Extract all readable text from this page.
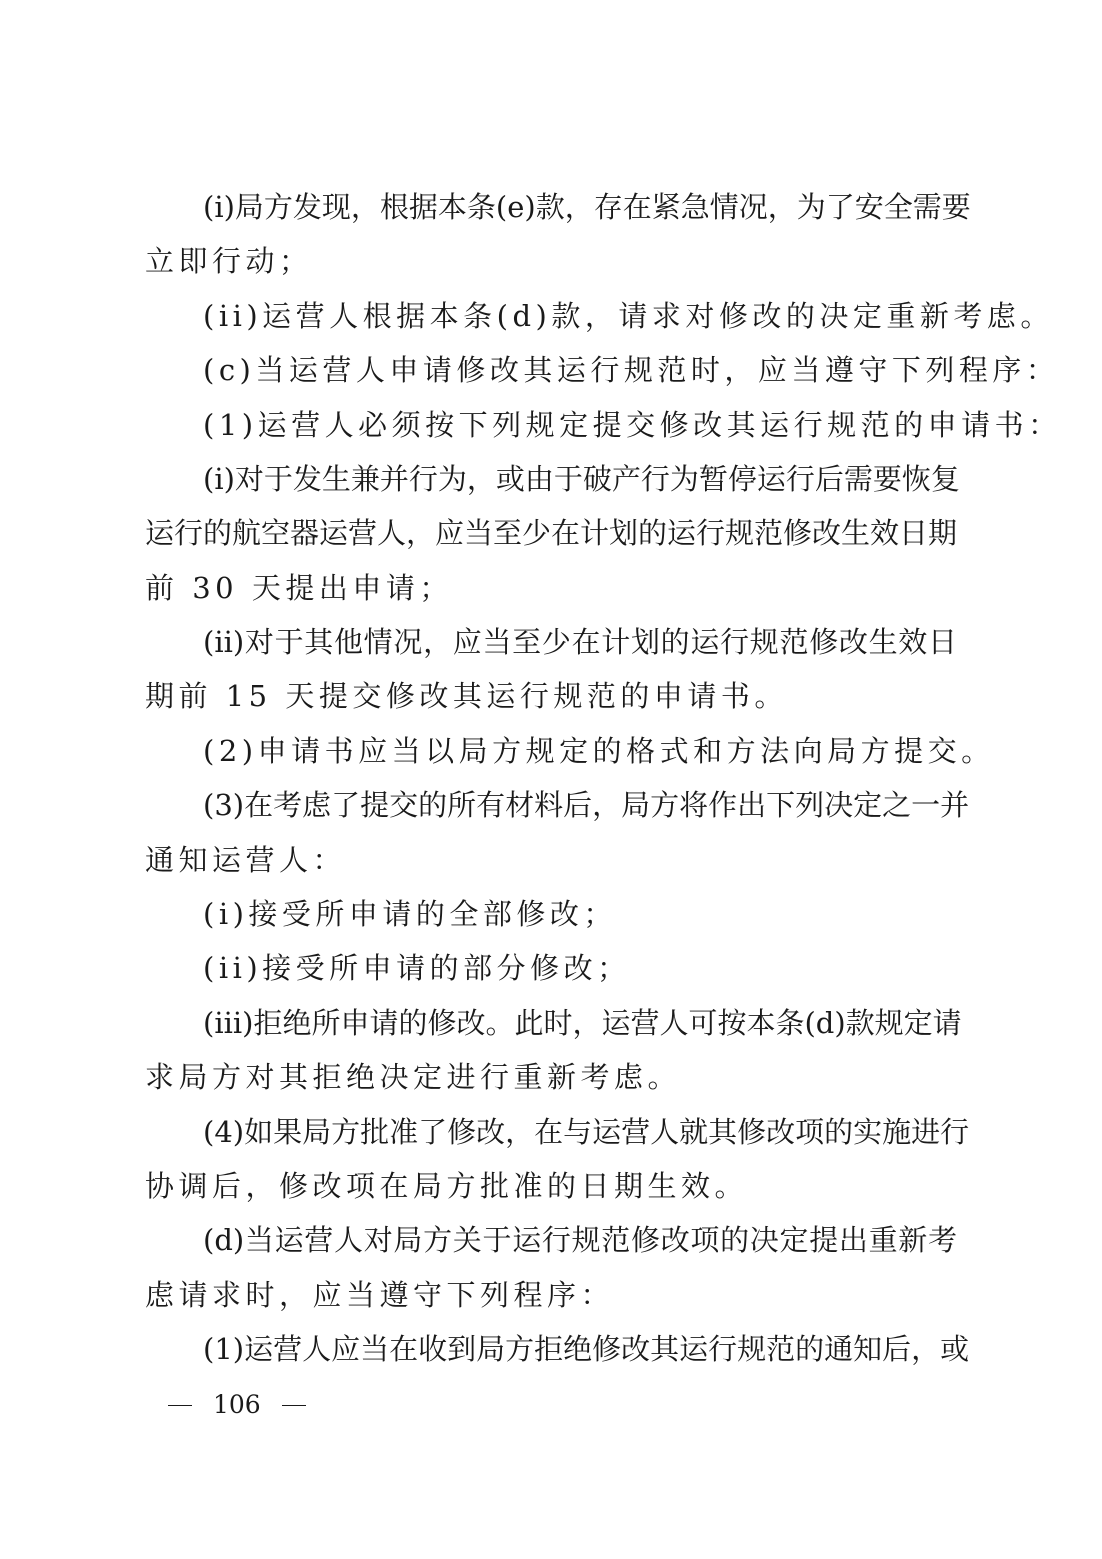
(i)局方发现，根据本条(e)款，存在紧急情况，为了安全需要
立即行动；
(ii)运营人根据本条(d)款，请求对修改的决定重新考虑。
(c)当运营人申请修改其运行规范时，应当遵守下列程序：
(1)运营人必须按下列规定提交修改其运行规范的申请书：
(i)对于发生兼并行为，或由于破产行为暂停运行后需要恢复
运行的航空器运营人，应当至少在计划的运行规范修改生效日期
前 30 天提出申请；
(ii)对于其他情况，应当至少在计划的运行规范修改生效日
期前 15 天提交修改其运行规范的申请书。
(2)申请书应当以局方规定的格式和方法向局方提交。
(3)在考虑了提交的所有材料后，局方将作出下列决定之一并
通知运营人：
(i)接受所申请的全部修改；
(ii)接受所申请的部分修改；
(iii)拒绝所申请的修改。此时，运营人可按本条(d)款规定请
求局方对其拒绝决定进行重新考虑。
(4)如果局方批准了修改，在与运营人就其修改项的实施进行
协调后，修改项在局方批准的日期生效。
(d)当运营人对局方关于运行规范修改项的决定提出重新考
虑请求时，应当遵守下列程序：
(1)运营人应当在收到局方拒绝修改其运行规范的通知后，或
106
